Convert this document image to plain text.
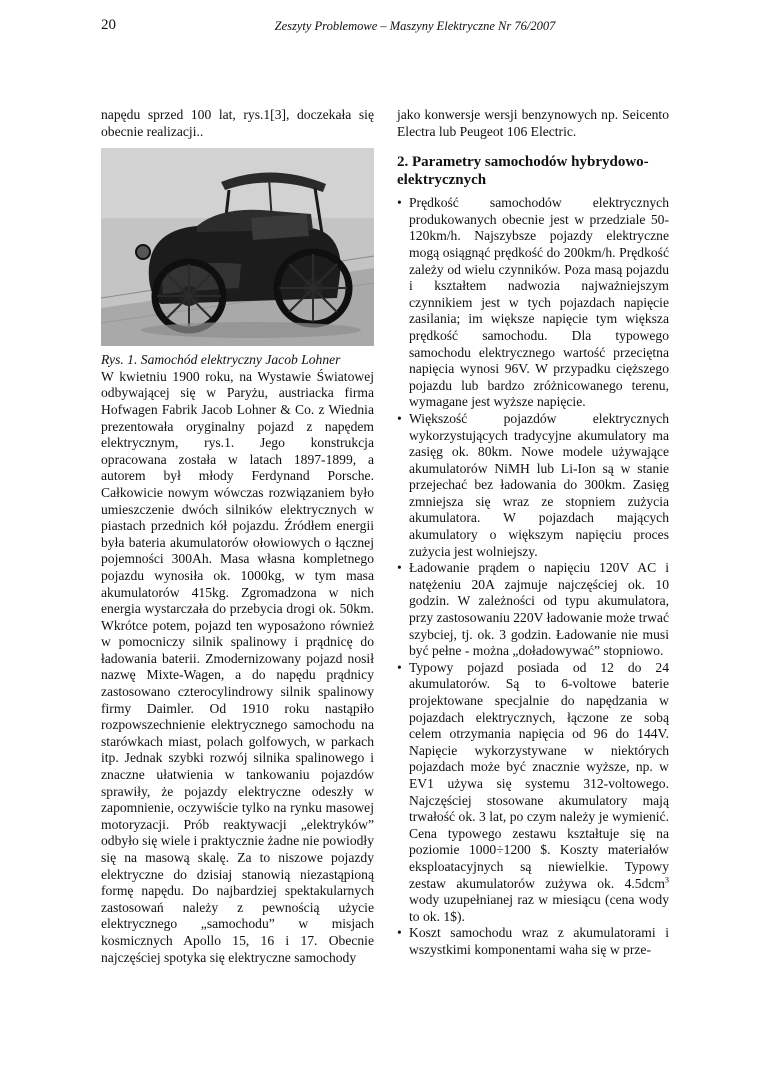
20	Zeszyty Problemowe – Maszyny Elektryczne Nr 76/2007

napędu sprzed 100 lat, rys.1[3], doczekała się obecnie realizacji..

Rys. 1. Samochód elektryczny Jacob Lohner

W kwietniu 1900 roku, na Wystawie Światowej odbywającej się w Paryżu, austriacka firma Hofwagen Fabrik Jacob Lohner & Co. z Wiednia prezentowała oryginalny pojazd z napędem elektrycznym, rys.1. Jego konstrukcja opracowana została w latach 1897-1899, a autorem był młody Ferdynand Porsche. Całkowicie nowym wówczas rozwiązaniem było umieszczenie dwóch silników elektrycznych w piastach przednich kół pojazdu. Źródłem energii była bateria akumulatorów ołowiowych o łącznej pojemności 300Ah. Masa własna kompletnego pojazdu wynosiła ok. 1000kg, w tym masa akumulatorów 415kg. Zgromadzona w nich energia wystarczała do przebycia drogi ok. 50km. Wkrótce potem, pojazd ten wyposażono również w pomocniczy silnik spalinowy i prądnicę do ładowania baterii. Zmodernizowany pojazd nosił nazwę Mixte-Wagen, a do napędu prądnicy zastosowano czterocylindrowy silnik spalinowy firmy Daimler. Od 1910 roku nastąpiło rozpowszechnienie elektrycznego samochodu na starówkach miast, polach golfowych, w parkach itp. Jednak szybki rozwój silnika spalinowego i znaczne ułatwienia w tankowaniu pojazdów sprawiły, że pojazdy elektryczne odeszły w zapomnienie, oczywiście tylko na rynku masowej motoryzacji. Prób reaktywacji „elektryków” odbyło się wiele i praktycznie żadne nie powiodły się na masową skalę. Za to niszowe pojazdy elektryczne do dzisiaj stanowią niezastąpioną formę napędu. Do najbardziej spektakularnych zastosowań należy z pewnością użycie elektrycznego „samochodu” w misjach kosmicznych Apollo 15, 16 i 17. Obecnie najczęściej spotyka się elektryczne samochody

jako konwersje wersji benzynowych np. Seicento Electra lub Peugeot 106 Electric.

2. Parametry samochodów hybrydowo-elektrycznych
• Prędkość samochodów elektrycznych produkowanych obecnie jest w przedziale 50-120km/h. Najszybsze pojazdy elektryczne mogą osiągnąć prędkość do 200km/h. Prędkość zależy od wielu czynników. Poza masą pojazdu i kształtem nadwozia najważniejszym czynnikiem jest w tych pojazdach napięcie zasilania; im większe napięcie tym większa prędkość samochodu. Dla typowego samochodu elektrycznego wartość przeciętna napięcia wynosi 96V. W przypadku cięższego pojazdu lub bardzo zróżnicowanego terenu, wymagane jest wyższe napięcie.
• Większość pojazdów elektrycznych wykorzystujących tradycyjne akumulatory ma zasięg ok. 80km. Nowe modele używające akumulatorów NiMH lub Li-Ion są w stanie przejechać bez ładowania do 300km. Zasięg zmniejsza się wraz ze stopniem zużycia akumulatora. W pojazdach mających akumulatory o większym napięciu proces zużycia jest wolniejszy.
• Ładowanie prądem o napięciu 120V AC i natężeniu 20A zajmuje najczęściej ok. 10 godzin. W zależności od typu akumulatora, przy zastosowaniu 220V ładowanie może trwać szybciej, tj. ok. 3 godzin. Ładowanie nie musi być pełne - można „doładowywać” stopniowo.
• Typowy pojazd posiada od 12 do 24 akumulatorów. Są to 6-voltowe baterie projektowane specjalnie do napędzania w pojazdach elektrycznych, łączone ze sobą celem otrzymania napięcia od 96 do 144V. Napięcie wykorzystywane w niektórych pojazdach może być znacznie wyższe, np. w EV1 używa się systemu 312-voltowego. Najczęściej stosowane akumulatory mają trwałość ok. 3 lat, po czym należy je wymienić. Cena typowego zestawu kształtuje się na poziomie 1000÷1200 $. Koszty materiałów eksploatacyjnych są niewielkie. Typowy zestaw akumulatorów zużywa ok. 4.5dcm$^3$ wody uzupełnianej raz w miesiącu (cena wody to ok. 1$).
• Koszt samochodu wraz z akumulatorami i wszystkimi komponentami waha się w prze-
